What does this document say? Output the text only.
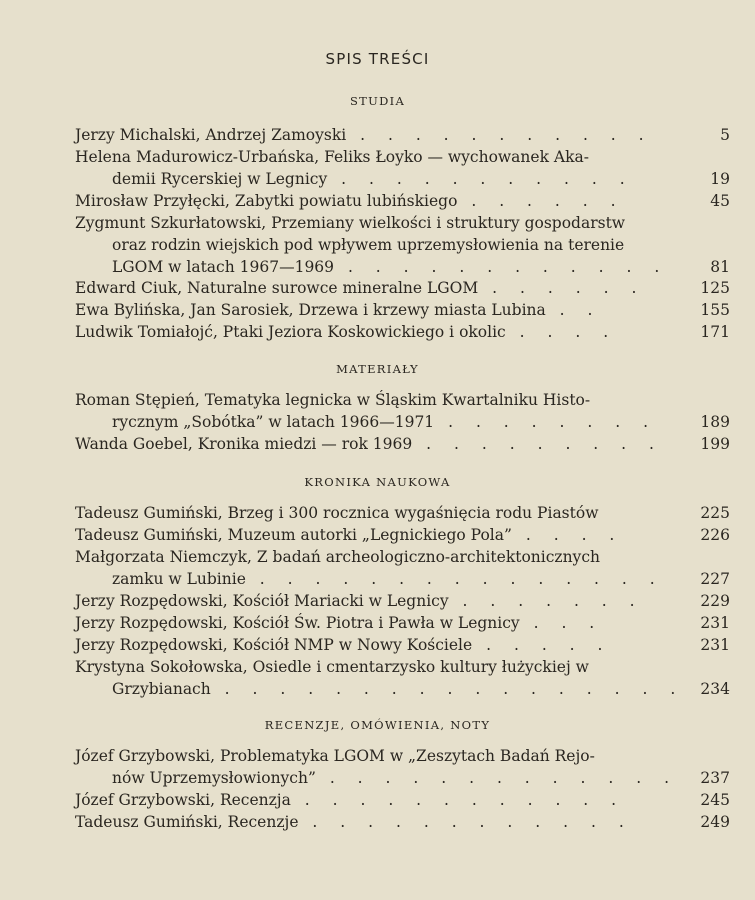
SPIS TREŚCI
STUDIA
Jerzy Michalski, Andrzej Zamoyski . . . . . . . . . . .	5
Helena Madurowicz-Urbańska, Feliks Łoyko — wychowanek Aka-
demii Rycerskiej w Legnicy . . . . . . . . . . .	19
Mirosław Przyłęcki, Zabytki powiatu lubińskiego . . . . . .	45
Zygmunt Szkurłatowski, Przemiany wielkości i struktury gospodarstw
oraz rodzin wiejskich pod wpływem uprzemysłowienia na terenie
LGOM w latach 1967—1969 . . . . . . . . . . . .	81
Edward Ciuk, Naturalne surowce mineralne LGOM . . . . . .	125
Ewa Bylińska, Jan Sarosiek, Drzewa i krzewy miasta Lubina . .	155
Ludwik Tomiałojć, Ptaki Jeziora Koskowickiego i okolic . . . .	171
MATERIAŁY
Roman Stępień, Tematyka legnicka w Śląskim Kwartalniku Histo-
rycznym „Sobótka” w latach 1966—1971 . . . . . . . .	189
Wanda Goebel, Kronika miedzi — rok 1969 . . . . . . . . . 199
KRONIKA NAUKOWA
Tadeusz Gumiński, Brzeg i 300 rocznica wygaśnięcia rodu Piastów	225
Tadeusz Gumiński, Muzeum autorki „Legnickiego Pola” . . . .	226
Małgorzata Niemczyk, Z badań archeologiczno-architektonicznych
zamku w Lubinie . . . . . . . . . . . . . . . 227
Jerzy Rozpędowski, Kościół Mariacki w Legnicy . . . . . . .	229
Jerzy Rozpędowski, Kościół Św. Piotra i Pawła w Legnicy . . .	231
Jerzy Rozpędowski, Kościół NMP w Nowy Kościele . . . . .	231
Krystyna Sokołowska, Osiedle i cmentarzysko kultury łużyckiej w
Grzybianach . . . . . . . . . . . . . . . . . 234
RECENZJE, OMÓWIENIA, NOTY
Józef Grzybowski, Problematyka LGOM w „Zeszytach Badań Rejo-
nów Uprzemysłowionych” . . . . . . . . . . . . . 237
Józef Grzybowski, Recenzja . . . . . . . . . . . .	245
Tadeusz Gumiński, Recenzje . . . . . . . . . . . .	249
